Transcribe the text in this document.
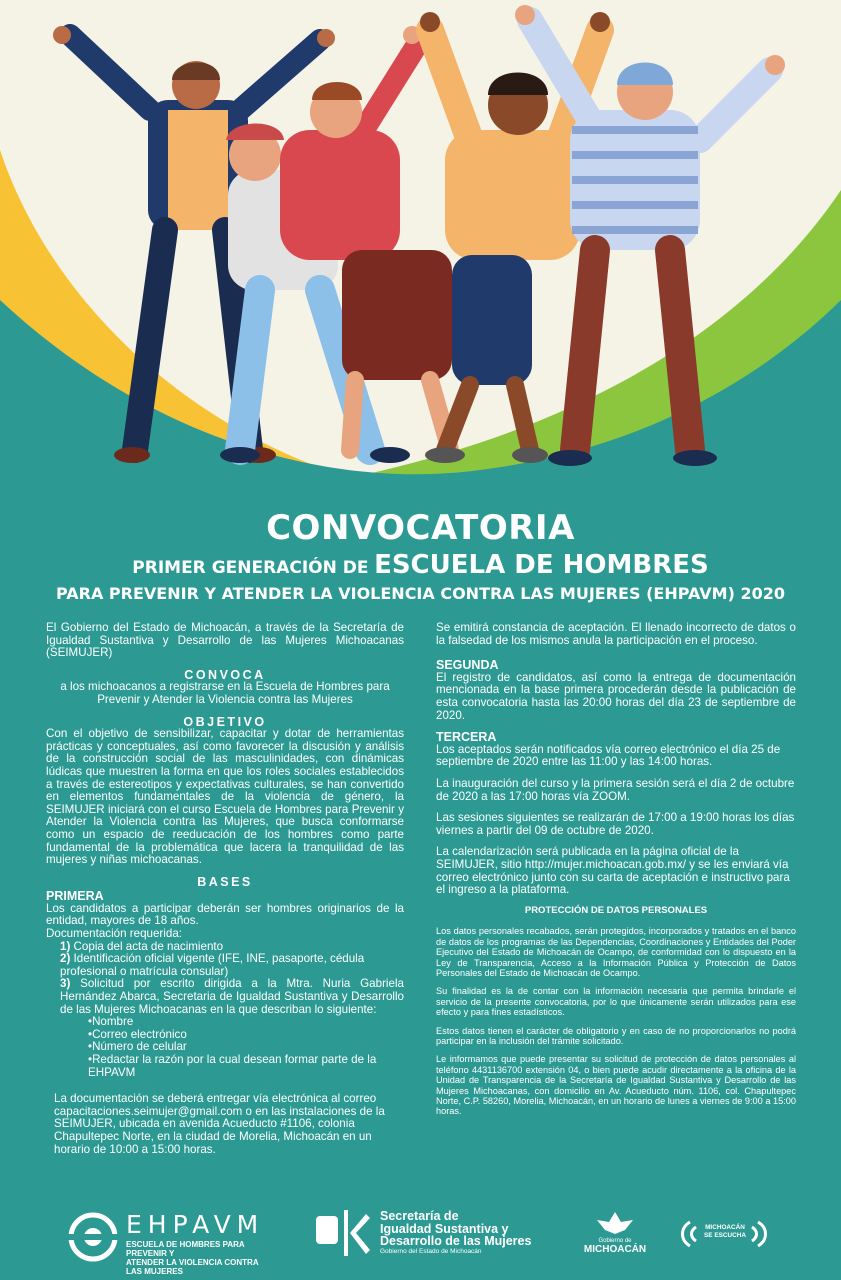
CONVOCATORIA
PRIMER GENERACIÓN DE ESCUELA DE HOMBRES
PARA PREVENIR Y ATENDER LA VIOLENCIA CONTRA LAS MUJERES (EHPAVM) 2020

El Gobierno del Estado de Michoacán, a través de la Secretaría de Igualdad Sustantiva y Desarrollo de las Mujeres Michoacanas (SEIMUJER)

CONVOCA

a los michoacanos a registrarse en la Escuela de Hombres para Prevenir y Atender la Violencia contra las Mujeres

OBJETIVO

Con el objetivo de sensibilizar, capacitar y dotar de herramientas prácticas y conceptuales, así como favorecer la discusión y análisis de la construcción social de las masculinidades, con dinámicas lúdicas que muestren la forma en que los roles sociales establecidos a través de estereotipos y expectativas culturales, se han convertido en elementos fundamentales de la violencia de género, la SEIMUJER iniciará con el curso Escuela de Hombres para Prevenir y Atender la Violencia contra las Mujeres, que busca conformarse como un espacio de reeducación de los hombres como parte fundamental de la problemática que lacera la tranquilidad de las mujeres y niñas michoacanas.

BASES

PRIMERA

Los candidatos a participar deberán ser hombres originarios de la entidad, mayores de 18 años.

Documentación requerida:

1) Copia del acta de nacimiento
2) Identificación oficial vigente (IFE, INE, pasaporte, cédula profesional o matrícula consular)
3) Solicitud por escrito dirigida a la Mtra. Nuria Gabriela Hernández Abarca, Secretaria de Igualdad Sustantiva y Desarrollo de las Mujeres Michoacanas en la que describan lo siguiente:
• Nombre
• Correo electrónico
• Número de celular
• Redactar la razón por la cual desean formar parte de la EHPAVM

La documentación se deberá entregar vía electrónica al correo capacitaciones.seimujer@gmail.com o en las instalaciones de la SEIMUJER, ubicada en avenida Acueducto #1106, colonia Chapultepec Norte, en la ciudad de Morelia, Michoacán en un horario de 10:00 a 15:00 horas.

Se emitirá constancia de aceptación. El llenado incorrecto de datos o la falsedad de los mismos anula la participación en el proceso.

SEGUNDA

El registro de candidatos, así como la entrega de documentación mencionada en la base primera procederán desde la publicación de esta convocatoria hasta las 20:00 horas del día 23 de septiembre de 2020.

TERCERA

Los aceptados serán notificados vía correo electrónico el día 25 de septiembre de 2020 entre las 11:00 y las 14:00 horas.

La inauguración del curso y la primera sesión será el día 2 de octubre de 2020 a las 17:00 horas vía ZOOM.

Las sesiones siguientes se realizarán de 17:00 a 19:00 horas los días viernes a partir del 09 de octubre de 2020.

La calendarización será publicada en la página oficial de la SEIMUJER, sitio http://mujer.michoacan.gob.mx/ y se les enviará vía correo electrónico junto con su carta de aceptación e instructivo para el ingreso a la plataforma.

PROTECCIÓN DE DATOS PERSONALES

Los datos personales recabados, serán protegidos, incorporados y tratados en el banco de datos de los programas de las Dependencias, Coordinaciones y Entidades del Poder Ejecutivo del Estado de Michoacán de Ocampo, de conformidad con lo dispuesto en la Ley de Transparencia, Acceso a la Información Pública y Protección de Datos Personales del Estado de Michoacán de Ocampo.

Su finalidad es la de contar con la información necesaria que permita brindarle el servicio de la presente convocatoria, por lo que únicamente serán utilizados para ese efecto y para fines estadísticos.

Estos datos tienen el carácter de obligatorio y en caso de no proporcionarlos no podrá participar en la inclusión del trámite solicitado.

Le informamos que puede presentar su solicitud de protección de datos personales al teléfono 4431136700 extensión 04, o bien puede acudir directamente a la oficina de la Unidad de Transparencia de la Secretaría de Igualdad Sustantiva y Desarrollo de las Mujeres Michoacanas, con domicilio en Av. Acueducto núm. 1106, col. Chapultepec Norte, C.P. 58260, Morelia, Michoacán, en un horario de lunes a viernes de 9:00 a 15:00 horas.

EHPAVM
ESCUELA DE HOMBRES PARA PREVENIR Y
ATENDER LA VIOLENCIA CONTRA LAS MUJERES
Secretaría de
Igualdad Sustantiva y
Desarrollo de las Mujeres
Gobierno del Estado de Michoacán
Gobierno de
MICHOACÁN
MICHOACÁN
SE ESCUCHA
